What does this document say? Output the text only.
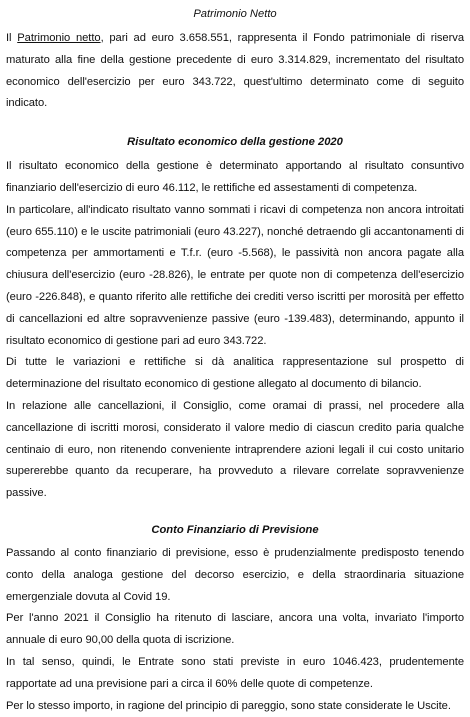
Patrimonio Netto

Il Patrimonio netto, pari ad euro 3.658.551, rappresenta il Fondo patrimoniale di riserva maturato alla fine della gestione precedente di euro 3.314.829, incrementato del risultato economico dell'esercizio per euro 343.722, quest'ultimo determinato come di seguito indicato.

Risultato economico della gestione 2020

Il risultato economico della gestione è determinato apportando al risultato consuntivo finanziario dell'esercizio di euro 46.112, le rettifiche ed assestamenti di competenza.

In particolare, all'indicato risultato vanno sommati i ricavi di competenza non ancora introitati (euro 655.110) e le uscite patrimoniali (euro 43.227), nonché detraendo gli accantonamenti di competenza per ammortamenti e T.f.r. (euro -5.568), le passività non ancora pagate alla chiusura dell'esercizio (euro -28.826), le entrate per quote non di competenza dell'esercizio (euro -226.848), e quanto riferito alle rettifiche dei crediti verso iscritti per morosità per effetto di cancellazioni ed altre sopravvenienze passive (euro -139.483), determinando, appunto il risultato economico di gestione pari ad euro 343.722.

Di tutte le variazioni e rettifiche si dà analitica rappresentazione sul prospetto di determinazione del risultato economico di gestione allegato al documento di bilancio.

In relazione alle cancellazioni, il Consiglio, come oramai di prassi, nel procedere alla cancellazione di iscritti morosi, considerato il valore medio di ciascun credito paria qualche centinaio di euro, non ritenendo conveniente intraprendere azioni legali il cui costo unitario supererebbe quanto da recuperare, ha provveduto a rilevare correlate sopravvenienze passive.

Conto Finanziario di Previsione

Passando al conto finanziario di previsione, esso è prudenzialmente predisposto tenendo conto della analoga gestione del decorso esercizio, e della straordinaria situazione emergenziale dovuta al Covid 19.

Per l'anno 2021 il Consiglio ha ritenuto di lasciare, ancora una volta, invariato l'importo annuale di euro 90,00 della quota di iscrizione.

In tal senso, quindi, le Entrate sono stati previste in euro 1046.423, prudentemente rapportate ad una previsione pari a circa il 60% delle quote di competenze.

Per lo stesso importo, in ragione del principio di pareggio, sono state considerate le Uscite.
